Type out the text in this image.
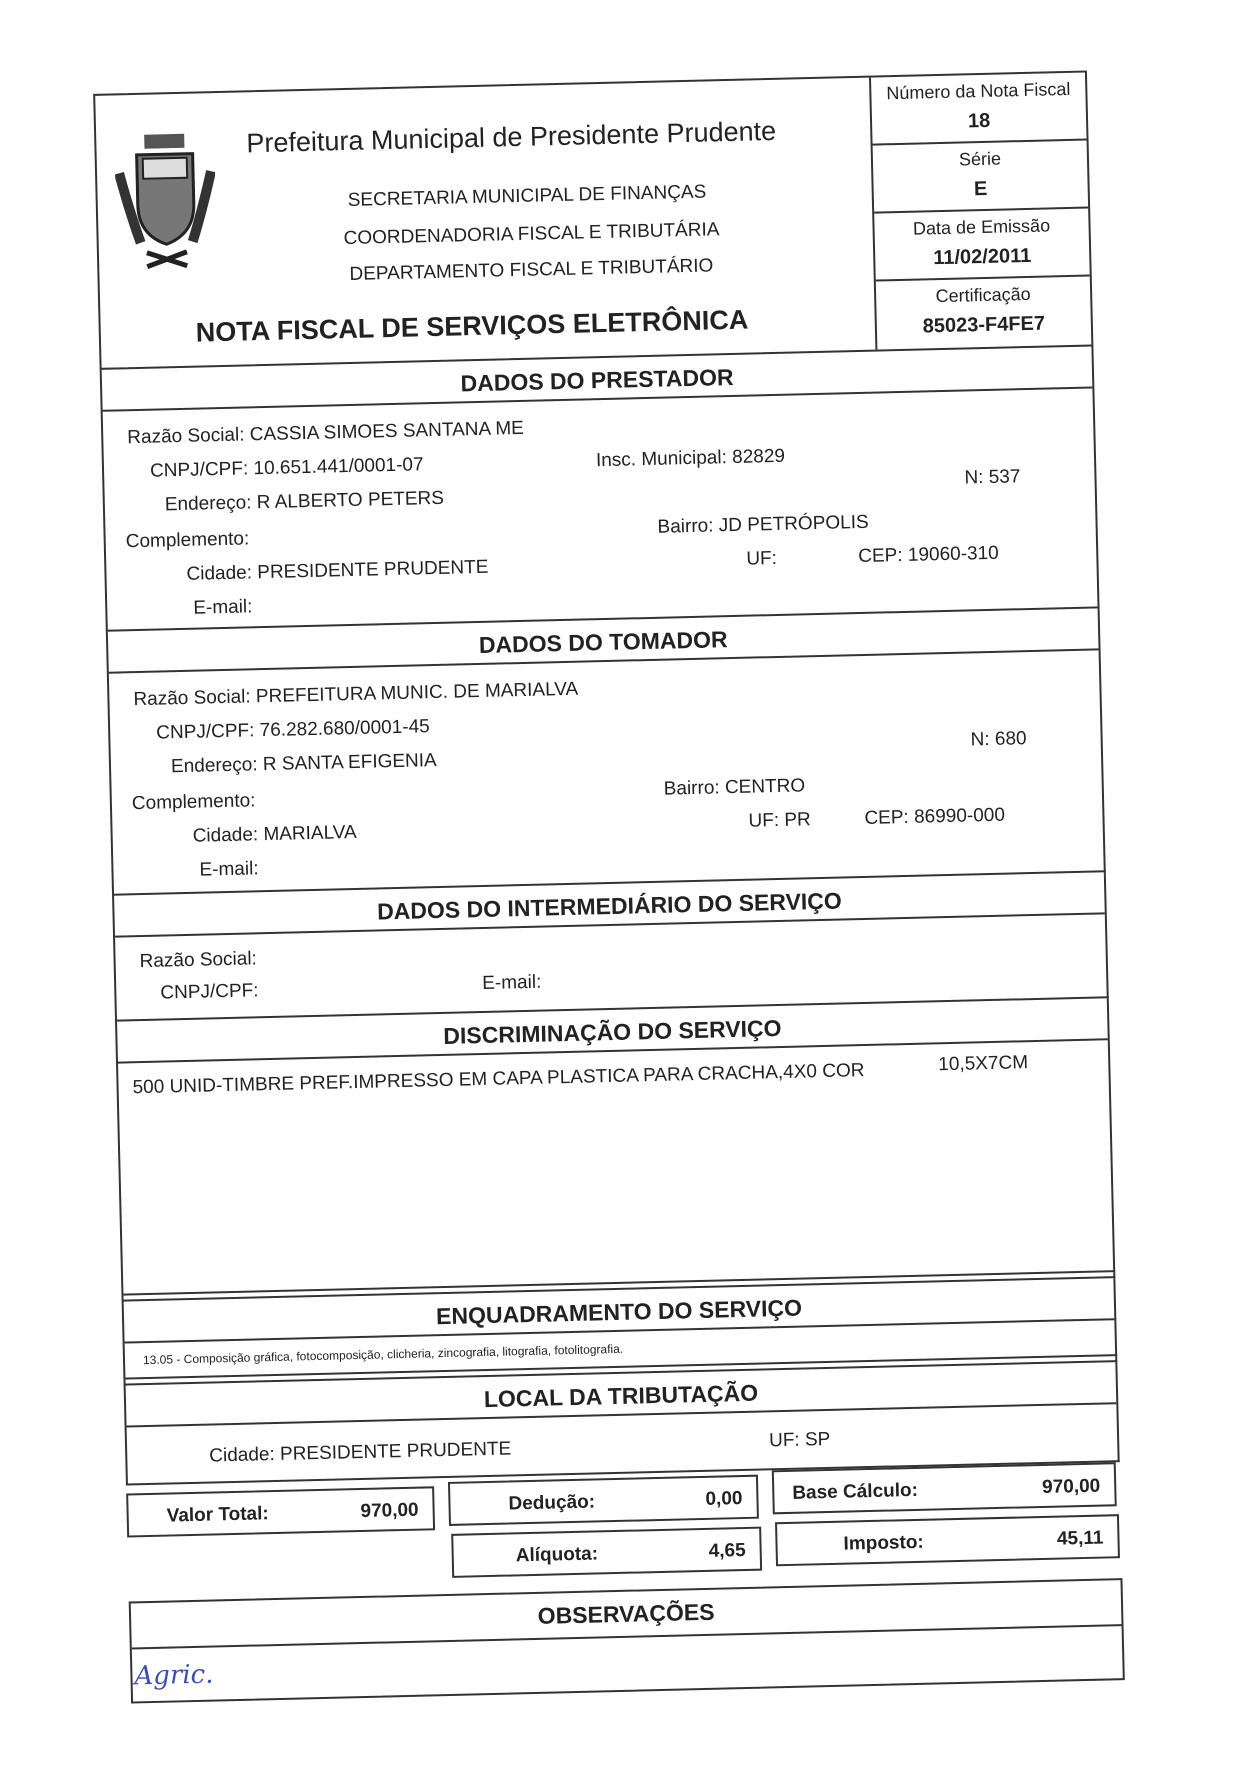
Prefeitura Municipal de Presidente Prudente
SECRETARIA MUNICIPAL DE FINANÇAS
COORDENADORIA FISCAL E TRIBUTÁRIA
DEPARTAMENTO FISCAL E TRIBUTÁRIO
NOTA FISCAL DE SERVIÇOS ELETRÔNICA
Número da Nota Fiscal
18
Série
E
Data de Emissão
11/02/2011
Certificação
85023-F4FE7
DADOS DO PRESTADOR
Razão Social: CASSIA SIMOES SANTANA ME
CNPJ/CPF: 10.651.441/0001-07	Insc. Municipal: 82829
N: 537
Endereço: R ALBERTO PETERS
Complemento:
Bairro: JD PETRÓPOLIS
Cidade: PRESIDENTE PRUDENTE	UF:	CEP: 19060-310
E-mail:
DADOS DO TOMADOR
Razão Social: PREFEITURA MUNIC. DE MARIALVA
CNPJ/CPF: 76.282.680/0001-45	N: 680
Endereço: R SANTA EFIGENIA
Complemento:
Bairro: CENTRO
Cidade: MARIALVA
UF: PR	CEP: 86990-000
E-mail:
DADOS DO INTERMEDIÁRIO DO SERVIÇO
Razão Social:
CNPJ/CPF:	E-mail:
DISCRIMINAÇÃO DO SERVIÇO
500 UNID-TIMBRE PREF.IMPRESSO EM CAPA PLASTICA PARA CRACHA,4X0 COR	10,5X7CM
ENQUADRAMENTO DO SERVIÇO
13.05 - Composição gráfica, fotocomposição, clicheria, zincografia, litografia, fotolitografia.
LOCAL DA TRIBUTAÇÃO
Cidade: PRESIDENTE PRUDENTE	UF: SP
Valor Total:	970,00	Dedução:	0,00	Base Cálculo:	970,00
Alíquota:	4,65	Imposto:	45,11
OBSERVAÇÕES
Agric.
